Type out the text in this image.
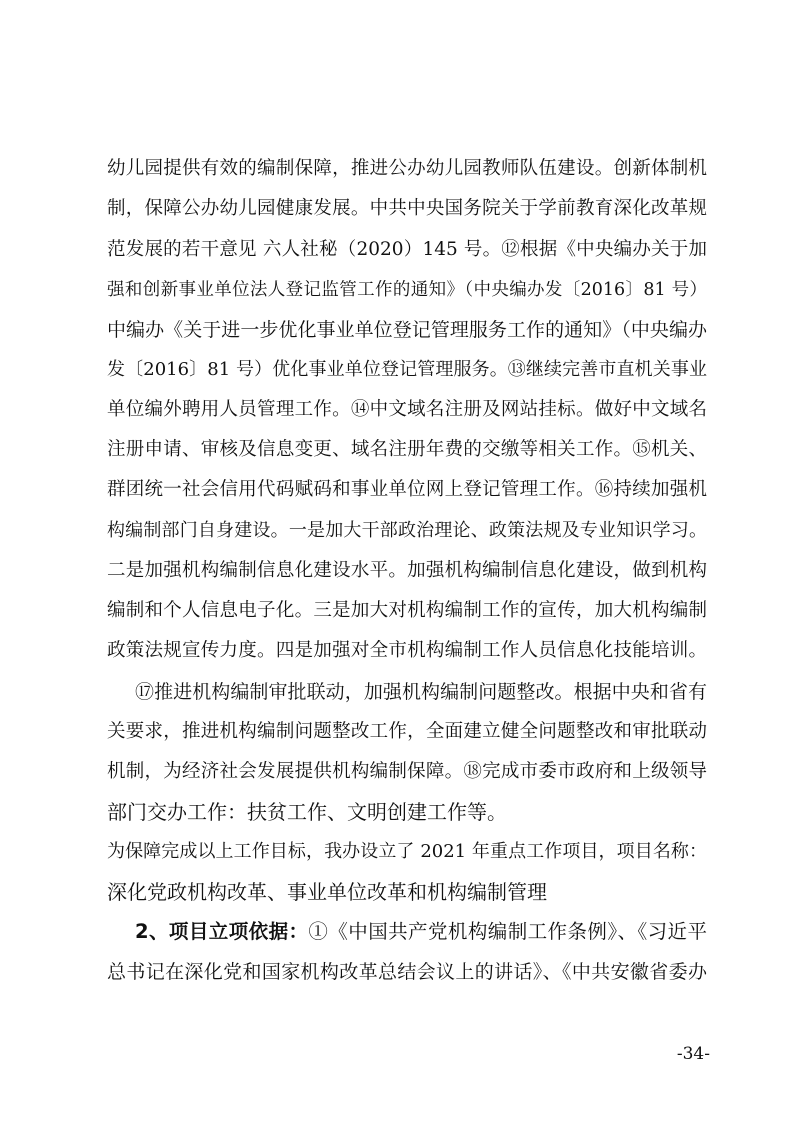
幼儿园提供有效的编制保障，推进公办幼儿园教师队伍建设。创新体制机
制，保障公办幼儿园健康发展。中共中央国务院关于学前教育深化改革规
范发展的若干意见 六人社秘（2020）145 号。⑫根据《中央编办关于加
强和创新事业单位法人登记监管工作的通知》（中央编办发〔2016〕81 号）
中编办《关于进一步优化事业单位登记管理服务工作的通知》（中央编办
发〔2016〕81 号）优化事业单位登记管理服务。⑬继续完善市直机关事业
单位编外聘用人员管理工作。⑭中文域名注册及网站挂标。做好中文域名
注册申请、审核及信息变更、域名注册年费的交缴等相关工作。⑮机关、
群团统一社会信用代码赋码和事业单位网上登记管理工作。⑯持续加强机
构编制部门自身建设。一是加大干部政治理论、政策法规及专业知识学习。
二是加强机构编制信息化建设水平。加强机构编制信息化建设，做到机构
编制和个人信息电子化。三是加大对机构编制工作的宣传，加大机构编制
政策法规宣传力度。四是加强对全市机构编制工作人员信息化技能培训。
⑰推进机构编制审批联动，加强机构编制问题整改。根据中央和省有
关要求，推进机构编制问题整改工作，全面建立健全问题整改和审批联动
机制，为经济社会发展提供机构编制保障。⑱完成市委市政府和上级领导
部门交办工作：扶贫工作、文明创建工作等。
为保障完成以上工作目标，我办设立了 2021 年重点工作项目，项目名称：
深化党政机构改革、事业单位改革和机构编制管理
2、项目立项依据：①《中国共产党机构编制工作条例》、《习近平
总书记在深化党和国家机构改革总结会议上的讲话》、《中共安徽省委办
-34-
